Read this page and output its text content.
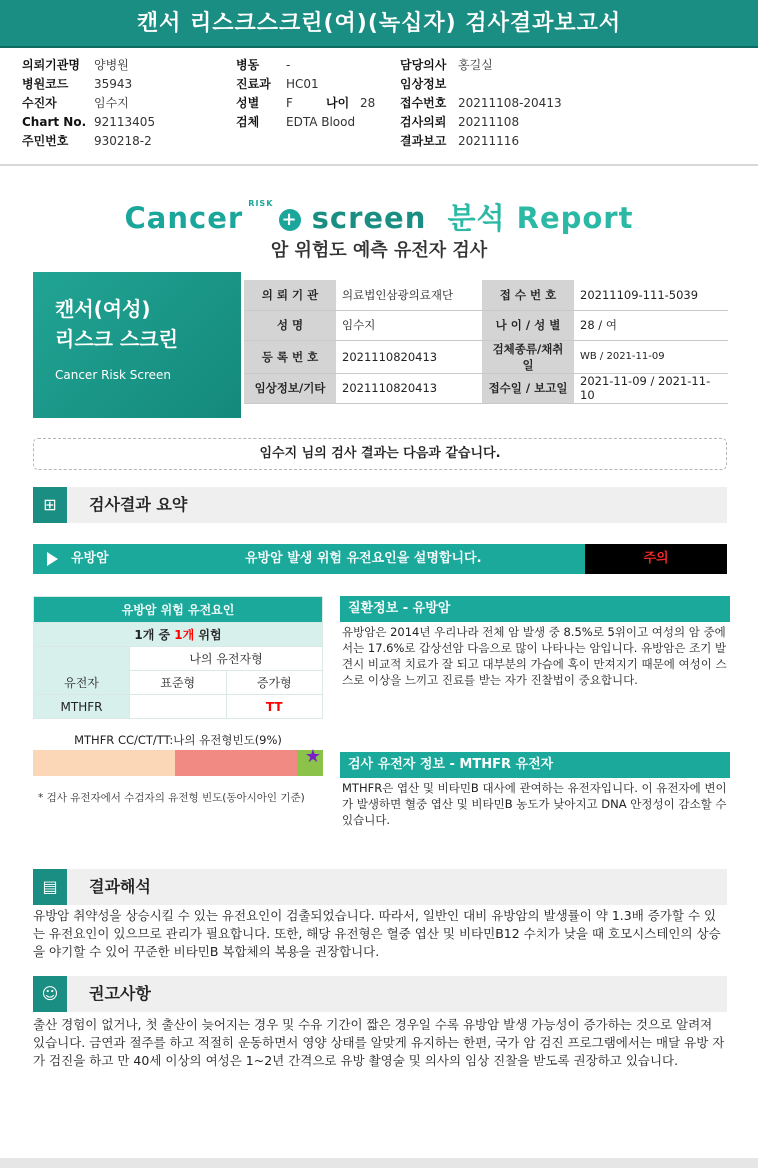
캔서 리스크스크린(여)(녹십자) 검사결과보고서
의뢰기관명 양병원
병원코드 35943
수진자	임수지
Chart No. 92113405
주민번호 930218-2
병동 -
진료과 HC01
성별 F	나이 28
검체 EDTA Blood
담당의사 홍길실
임상정보
접수번호 20211108-20413
검사의뢰 20211108
결과보고 20211116
Cancer $^{RISK}$ + screen 분석 Report
암 위험도 예측 유전자 검사
캔서(여성)
리스크 스크린
Cancer Risk Screen
의 뢰 기 관	의료법인삼광의료재단	접 수 번 호	20211109-111-5039
성 명	임수지	나 이 / 성 별	28 / 여
등 록 번 호	2021110820413	검체종류/채취일	WB / 2021-11-09
임상정보/기타	2021110820413	접수일 / 보고일	2021-11-09 / 2021-11-10
임수지 님의 검사 결과는 다음과 같습니다.
⊞	검사결과 요약
유방암	유방암 발생 위험 유전요인을 설명합니다.	주의
유방암 위험 유전요인		
1개 중 1개 위험		
유전자	나의 유전자형	
	표준형	증가형
MTHFR		TT
MTHFR CC/CT/TT:나의 유전형빈도(9%)
★
* 검사 유전자에서 수검자의 유전형 빈도(동아시아인 기준)
질환정보 - 유방암
유방암은 2014년 우리나라 전체 암 발생 중 8.5%로 5위이고 여성의 암 중에서는 17.6%로 갑상선암 다음으로 많이 나타나는 암입니다. 유방암은 조기 발견시 비교적 치료가 잘 되고 대부분의 가슴에 혹이 만져지기 때문에 여성이 스스로 이상을 느끼고 진료를 받는 자가 진찰법이 중요합니다.
검사 유전자 정보 - MTHFR 유전자
MTHFR은 엽산 및 비타민B 대사에 관여하는 유전자입니다. 이 유전자에 변이가 발생하면 혈중 엽산 및 비타민B 농도가 낮아지고 DNA 안정성이 감소할 수 있습니다.
▤	결과해석
유방암 취약성을 상승시킬 수 있는 유전요인이 검출되었습니다. 따라서, 일반인 대비 유방암의 발생률이 약 1.3배 증가할 수 있는 유전요인이 있으므로 관리가 필요합니다. 또한, 해당 유전형은 혈중 엽산 및 비타민B12 수치가 낮을 때 호모시스테인의 상승을 야기할 수 있어 꾸준한 비타민B 복합체의 복용을 권장합니다.
☺	권고사항
출산 경험이 없거나, 첫 출산이 늦어지는 경우 및 수유 기간이 짧은 경우일 수록 유방암 발생 가능성이 증가하는 것으로 알려져 있습니다. 금연과 절주를 하고 적절히 운동하면서 영양 상태를 알맞게 유지하는 한편, 국가 암 검진 프로그램에서는 매달 유방 자가 검진을 하고 만 40세 이상의 여성은 1~2년 간격으로 유방 촬영술 및 의사의 임상 진찰을 받도록 권장하고 있습니다.
